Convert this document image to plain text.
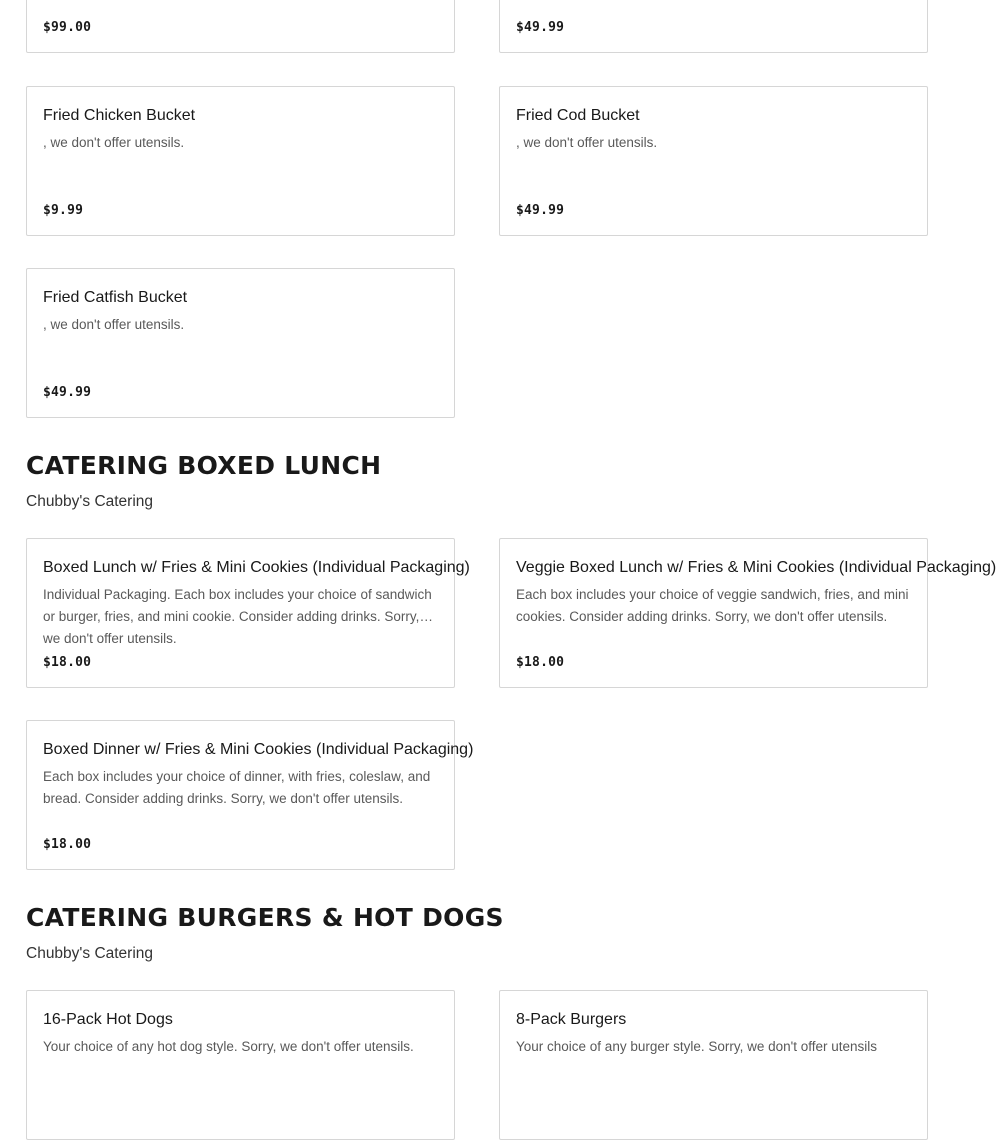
$99.00	$49.99
Fried Chicken Bucket
, we don't offer utensils.
$9.99
Fried Cod Bucket
, we don't offer utensils.
$49.99
Fried Catfish Bucket
, we don't offer utensils.
$49.99
CATERING BOXED LUNCH
Chubby's Catering
Boxed Lunch w/ Fries & Mini Cookies (Individual Packaging)
Individual Packaging. Each box includes your choice of sandwich or burger, fries, and mini cookie. Consider adding drinks. Sorry, we don't offer utensils.
$18.00
Veggie Boxed Lunch w/ Fries & Mini Cookies (Individual Packaging)
Each box includes your choice of veggie sandwich, fries, and mini cookies. Consider adding drinks. Sorry, we don't offer utensils.
$18.00
Boxed Dinner w/ Fries & Mini Cookies (Individual Packaging)
Each box includes your choice of dinner, with fries, coleslaw, and bread. Consider adding drinks. Sorry, we don't offer utensils.
$18.00
CATERING BURGERS & HOT DOGS
Chubby's Catering
16-Pack Hot Dogs
Your choice of any hot dog style. Sorry, we don't offer utensils.
8-Pack Burgers
Your choice of any burger style. Sorry, we don't offer utensils
